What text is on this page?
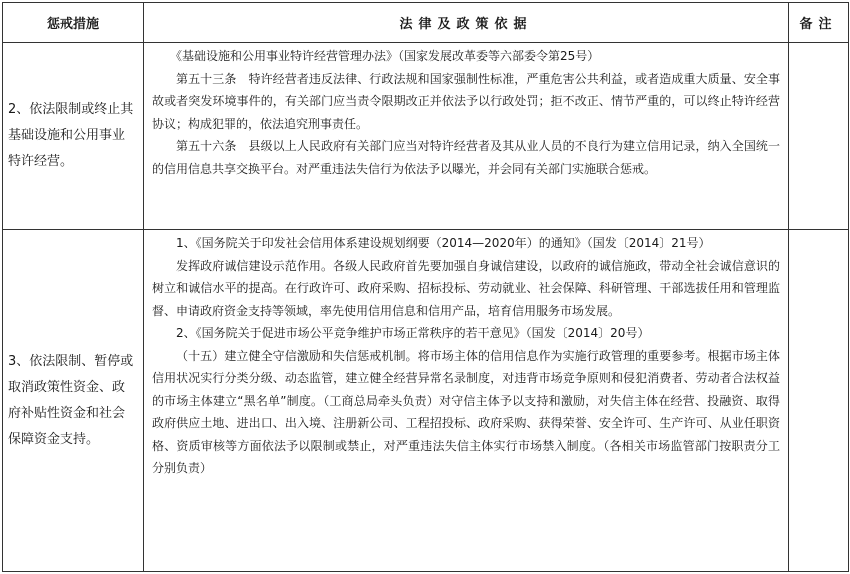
惩戒措施	法律及政策依据	备注
2、依法限制或终止其基础设施和公用事业特许经营。	《基础设施和公用事业特许经营管理办法》（国家发展改革委等六部委令第25号）

第五十三条　特许经营者违反法律、行政法规和国家强制性标准，严重危害公共利益，或者造成重大质量、安全事故或者突发环境事件的，有关部门应当责令限期改正并依法予以行政处罚；拒不改正、情节严重的，可以终止特许经营协议；构成犯罪的，依法追究刑事责任。

第五十六条　县级以上人民政府有关部门应当对特许经营者及其从业人员的不良行为建立信用记录，纳入全国统一的信用信息共享交换平台。对严重违法失信行为依法予以曝光，并会同有关部门实施联合惩戒。	

3、依法限制、暂停或取消政策性资金、政府补贴性资金和社会保障资金支持。	1、《国务院关于印发社会信用体系建设规划纲要（2014—2020年）的通知》（国发〔2014〕21号）

发挥政府诚信建设示范作用。各级人民政府首先要加强自身诚信建设，以政府的诚信施政，带动全社会诚信意识的树立和诚信水平的提高。在行政许可、政府采购、招标投标、劳动就业、社会保障、科研管理、干部选拔任用和管理监督、申请政府资金支持等领域，率先使用信用信息和信用产品，培育信用服务市场发展。

2、《国务院关于促进市场公平竞争维护市场正常秩序的若干意见》（国发〔2014〕20号）

（十五）建立健全守信激励和失信惩戒机制。将市场主体的信用信息作为实施行政管理的重要参考。根据市场主体信用状况实行分类分级、动态监管，建立健全经营异常名录制度，对违背市场竞争原则和侵犯消费者、劳动者合法权益的市场主体建立“黑名单”制度。（工商总局牵头负责）对守信主体予以支持和激励，对失信主体在经营、投融资、取得政府供应土地、进出口、出入境、注册新公司、工程招投标、政府采购、获得荣誉、安全许可、生产许可、从业任职资格、资质审核等方面依法予以限制或禁止，对严重违法失信主体实行市场禁入制度。（各相关市场监管部门按职责分工分别负责）	
